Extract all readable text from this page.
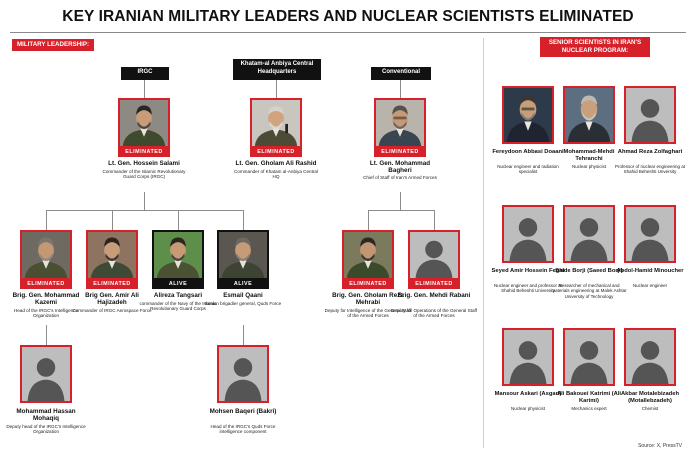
KEY IRANIAN MILITARY LEADERS AND NUCLEAR SCIENTISTS ELIMINATED
MILITARY LEADERSHIP:	SENIOR SCIENTISTS IN IRAN'S NUCLEAR PROGRAM:
IRGC
Khatam-al Anbiya Central Headquarters	Conventional
ELIMINATED
Lt. Gen. Hossein Salami
Commander of the Islamic Revolutionary Guard Corps (IRGC)
ELIMINATED
Lt. Gen. Gholam Ali Rashid
Commander of Khatam al-Anbiya Central HQ
ELIMINATED
Lt. Gen. Mohammad Bagheri
Chief of Staff of Iran's Armed Forces
ELIMINATED
Brig. Gen. Mohammad Kazemi
Head of the IRGC's Intelligence Organization
ELIMINATED
Brig Gen. Amir Ali Hajizadeh
Commander of IRGC Aerospace Force
ALIVE
Alireza Tangsari
commander of the Navy of the Islamic Revolutionary Guard Corps
ALIVE
Esmail Qaani
Iranian brigadier general, Quds Force
ELIMINATED
Brig. Gen. Gholam Reza Mehrabi
Deputy for Intelligence of the General Staff of the Armed Forces
ELIMINATED
Brig. Gen. Mehdi Rabani
Deputy for Operations of the General Staff of the Armed Forces
Mohammad Hassan Mohaqiq
Deputy head of the IRGC's Intelligence Organization
Mohsen Baqeri (Bakri)
Head of the IRGC's Quds Force intelligence component
Fereydoon Abbasi Doaani
Nuclear engineer and radiation specialist
Mohammad-Mehdi Tehranchi
Nuclear physicist
Ahmad Reza Zolfaghari
Professor of nuclear engineering at Shahid Beheshti Unversity
Seyed Amir Hossein Feghi
Nuclear engineer and professor at Shahid Beheshti University
Saide Borji (Saeed Borji)
Researcher of mechanical and materials engineering at Malek Ashtar University of Technology
Abdol-Hamid Minoucher
Nuclear engineer
Mansour Askari (Asgari)
Nuclear physicist
Ali Bakouei Katrimi (Ali Karimi)
Mechanics expert
Akbar Motalebizadeh (Motallebzadeh)
Chemist
Source: X, PressTV
